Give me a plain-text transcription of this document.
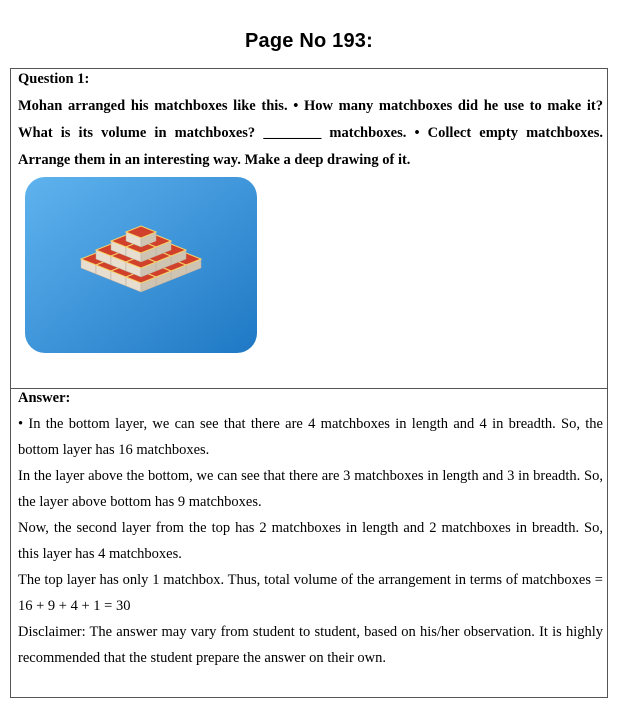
Page No 193:
Question 1:
Mohan arranged his matchboxes like this. • How many matchboxes did he use to make it? What is its volume in matchboxes? ________ matchboxes. • Collect empty matchboxes. Arrange them in an interesting way. Make a deep drawing of it.
Answer:

• In the bottom layer, we can see that there are 4 matchboxes in length and 4 in breadth. So, the bottom layer has 16 matchboxes.

In the layer above the bottom, we can see that there are 3 matchboxes in length and 3 in breadth. So, the layer above bottom has 9 matchboxes.

Now, the second layer from the top has 2 matchboxes in length and 2 matchboxes in breadth. So, this layer has 4 matchboxes.

The top layer has only 1 matchbox. Thus, total volume of the arrangement in terms of matchboxes = 16 + 9 + 4 + 1 = 30

Disclaimer: The answer may vary from student to student, based on his/her observation. It is highly recommended that the student prepare the answer on their own.
